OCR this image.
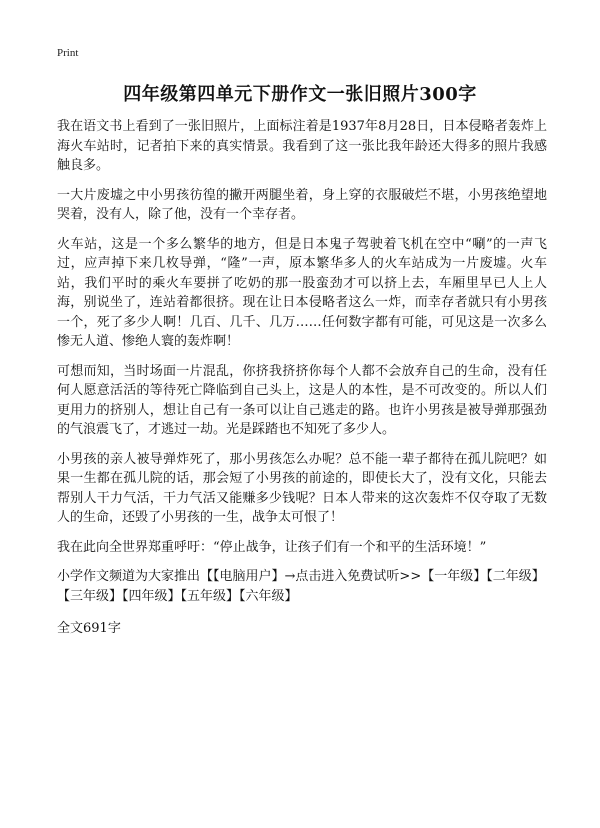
Print
四年级第四单元下册作文一张旧照片300字

我在语文书上看到了一张旧照片，上面标注着是1937年8月28日，日本侵略者轰炸上海火车站时，记者拍下来的真实情景。我看到了这一张比我年龄还大得多的照片我感触良多。

一大片废墟之中小男孩彷徨的撇开两腿坐着，身上穿的衣服破烂不堪，小男孩绝望地哭着，没有人，除了他，没有一个幸存者。

火车站，这是一个多么繁华的地方，但是日本鬼子驾驶着飞机在空中“唰”的一声飞过，应声掉下来几枚导弹，“隆”一声，原本繁华多人的火车站成为一片废墟。火车站，我们平时的乘火车要拼了吃奶的那一股蛮劲才可以挤上去，车厢里早已人上人海，别说坐了，连站着都很挤。现在让日本侵略者这么一炸，而幸存者就只有小男孩一个，死了多少人啊！几百、几千、几万……任何数字都有可能，可见这是一次多么惨无人道、惨绝人寰的轰炸啊！

可想而知，当时场面一片混乱，你挤我挤挤你每个人都不会放弃自己的生命，没有任何人愿意活活的等待死亡降临到自己头上，这是人的本性，是不可改变的。所以人们更用力的挤别人，想让自己有一条可以让自己逃走的路。也许小男孩是被导弹那强劲的气浪震飞了，才逃过一劫。光是踩踏也不知死了多少人。

小男孩的亲人被导弹炸死了，那小男孩怎么办呢？总不能一辈子都待在孤儿院吧？如果一生都在孤儿院的话，那会短了小男孩的前途的，即使长大了，没有文化，只能去帮别人干力气活，干力气活又能赚多少钱呢？日本人带来的这次轰炸不仅夺取了无数人的生命，还毁了小男孩的一生，战争太可恨了！

我在此向全世界郑重呼吁：“停止战争，让孩子们有一个和平的生活环境！”

小学作文频道为大家推出【【电脑用户】→点击进入免费试听>>【一年级】【二年级】【三年级】【四年级】【五年级】【六年级】

全文691字
